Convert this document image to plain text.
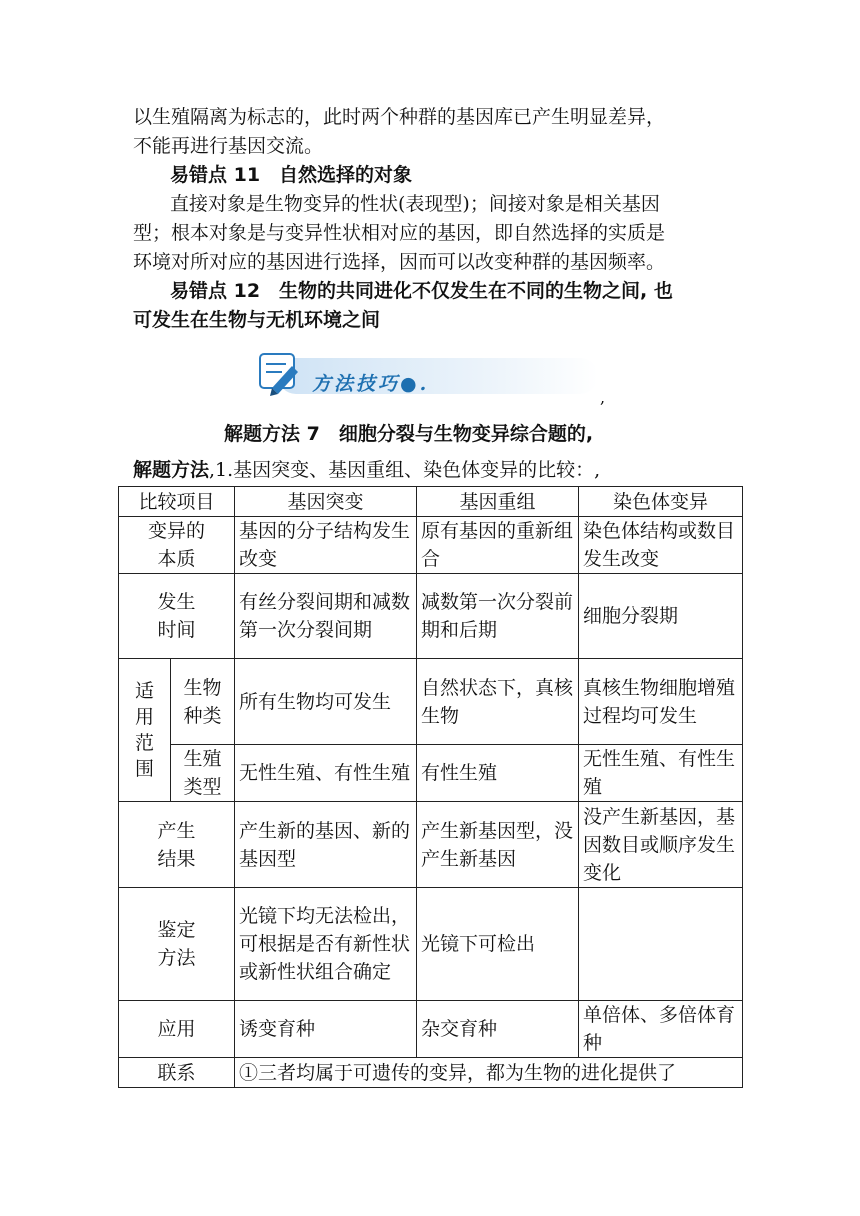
以生殖隔离为标志的，此时两个种群的基因库已产生明显差异，
不能再进行基因交流。
易错点 11　自然选择的对象
直接对象是生物变异的性状(表现型)；间接对象是相关基因
型；根本对象是与变异性状相对应的基因，即自然选择的实质是
环境对所对应的基因进行选择，因而可以改变种群的基因频率。
易错点 12　生物的共同进化不仅发生在不同的生物之间, 也
可发生在生物与无机环境之间
方法技巧●.
,
解题方法 7　细胞分裂与生物变异综合题的,
解题方法,1.基因突变、基因重组、染色体变异的比较：,
比较项目		基因突变	基因重组	染色体变异

变异的
本质		基因的分子结构发生改变	原有基因的重新组合	染色体结构或数目发生改变

发生
时间		有丝分裂间期和减数第一次分裂间期	减数第一次分裂前期和后期	细胞分裂期

适
用
范
围	生物
种类	所有生物均可发生	自然状态下，真核生物	真核生物细胞增殖过程均可发生

	生殖
类型	无性生殖、有性生殖	有性生殖	无性生殖、有性生殖

产生
结果		产生新的基因、新的基因型	产生新基因型，没产生新基因	没产生新基因，基因数目或顺序发生变化

鉴定
方法		光镜下均无法检出，可根据是否有新性状或新性状组合确定	光镜下可检出	
应用		诱变育种	杂交育种	单倍体、多倍体育种
联系		①三者均属于可遗传的变异，都为生物的进化提供了		
